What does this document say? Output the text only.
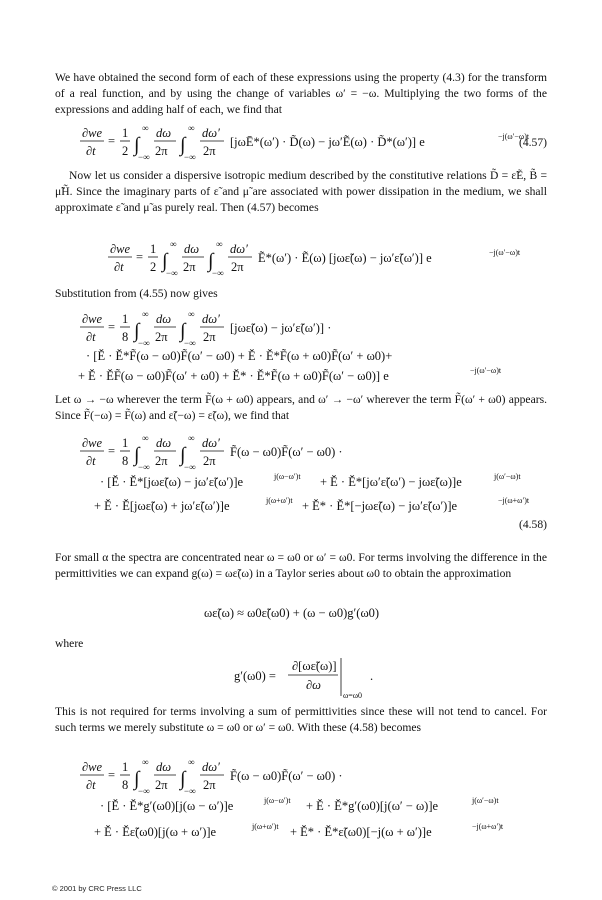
We have obtained the second form of each of these expressions using the property (4.3) for the transform of a real function, and by using the change of variables ω′ = −ω. Multiplying the two forms of the expressions and adding half of each, we find that

∂we
∂t
=
1
2 ∫
∞
−∞
dω
2π ∫
∞
−∞
dω′
2π
[jωĒ*(ω′) · D̃(ω) − jω′Ẽ(ω) · D̃*(ω′)] e	−j(ω′−ω)t
(4.57)

Now let us consider a dispersive isotropic medium described by the constitutive relations D̃ = ε̃Ẽ, B̃ = μ̃H̃. Since the imaginary parts of ε̃ and μ̃ are associated with power dissipation in the medium, we shall approximate ε̃ and μ̃ as purely real. Then (4.57) becomes

∂we
∂t
=
1
2 ∫
∞
−∞
dω
2π ∫
∞
−∞
dω′
2π
Ẽ*(ω′) · Ẽ(ω) [jωε̃(ω) − jω′ε̃(ω′)] e	−j(ω′−ω)t

Substitution from (4.55) now gives

∂we
∂t
=
1
8 ∫
∞
−∞
dω
2π ∫
∞
−∞
dω′
2π
[jωε̃(ω) − jω′ε̃(ω′)] ·
· [Ě · Ě*F̃(ω − ω0)F̃(ω′ − ω0) + Ě · Ě*F̃(ω + ω0)F̃(ω′ + ω0)+
+ Ě · ĚF̃(ω − ω0)F̃(ω′ + ω0) + Ě* · Ě*F̃(ω + ω0)F̃(ω′ − ω0)] e	−j(ω′−ω)t

Let ω → −ω wherever the term F̃(ω + ω0) appears, and ω′ → −ω′ wherever the term F̃(ω′ + ω0) appears. Since F̃(−ω) = F̃(ω) and ε̃(−ω) = ε̃(ω), we find that

∂we
∂t
=
1
8 ∫
∞
−∞
dω
2π ∫
∞
−∞
dω′
2π
F̃(ω − ω0)F̃(ω′ − ω0) ·
· [Ě · Ě*[jωε̃(ω) − jω′ε̃(ω′)]e	j(ω−ω′)t + Ě · Ě*[jω′ε̃(ω′) − jωε̃(ω)]e	j(ω′−ω)t
+ Ě · Ě[jωε̃(ω) + jω′ε̃(ω′)]e	j(ω+ω′)t + Ě* · Ě*[−jωε̃(ω) − jω′ε̃(ω′)]e	−j(ω+ω′)t
(4.58)

For small α the spectra are concentrated near ω = ω0 or ω′ = ω0. For terms involving the difference in the permittivities we can expand g(ω) = ωε̃(ω) in a Taylor series about ω0 to obtain the approximation

ωε̃(ω) ≈ ω0ε̃(ω0) + (ω − ω0)g′(ω0)

where

g′(ω0) =
∂[ωε̃(ω)]
∂ω
ω=ω0
.

This is not required for terms involving a sum of permittivities since these will not tend to cancel. For such terms we merely substitute ω = ω0 or ω′ = ω0. With these (4.58) becomes

∂we
∂t
=
1
8 ∫
∞
−∞
dω
2π ∫
∞
−∞
dω′
2π
F̃(ω − ω0)F̃(ω′ − ω0) ·
· [Ě · Ě*g′(ω0)[j(ω − ω′)]e	j(ω−ω′)t + Ě · Ě*g′(ω0)[j(ω′ − ω)]e	j(ω′−ω)t
+ Ě · Ěε̃(ω0)[j(ω + ω′)]e	j(ω+ω′)t + Ě* · Ě*ε̃(ω0)[−j(ω + ω′)]e	−j(ω+ω′)t
© 2001 by CRC Press LLC
